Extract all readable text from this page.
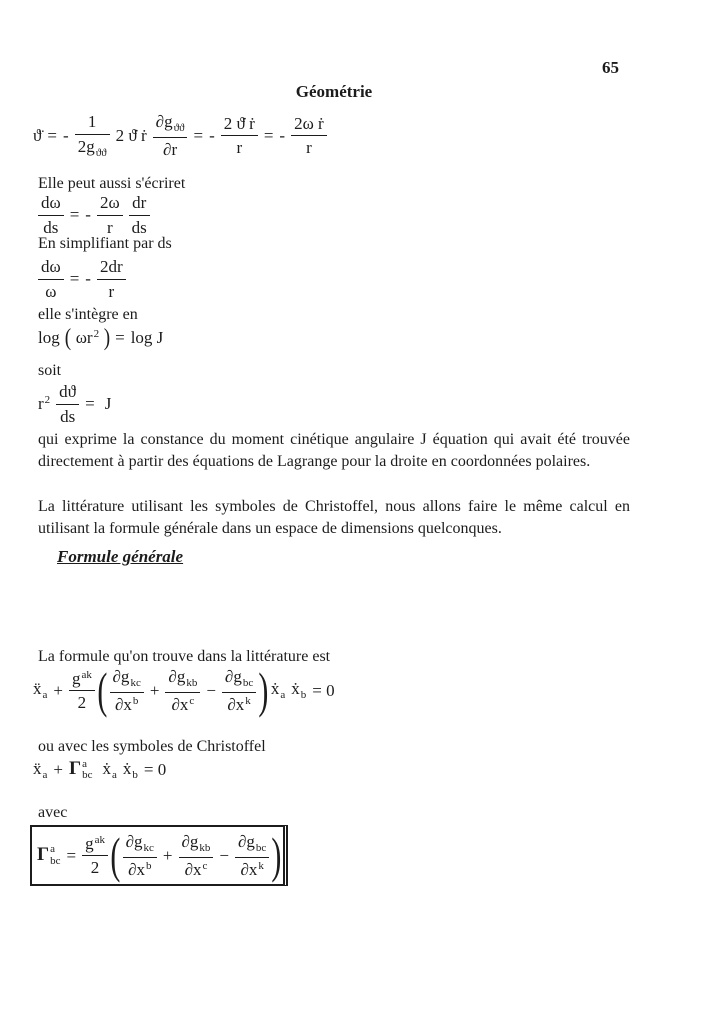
65
Géométrie
ϑ̈ = - $\frac{1}{2g_{ϑϑ}} 2$ ϑ̇ ṙ $\frac{\partial g_{ϑϑ}}{\partial r}$ = - $\frac{\text{2 ϑ̇ ṙ}}{r}$ = - $\frac{\text{2ω ṙ}}{r}$
Elle peut aussi s'écriret
$\frac{d\omega}{ds}$ = - $\frac{2\omega}{r} \frac{dr}{ds}$
En simplifiant par ds
$\frac{d\omega}{\omega}$ = - $\frac{2dr}{r}$
elle s'intègre en
log ( $\omega r^2$ ) = log J
soit
$r^2 \frac{dϑ}{ds} = J$
qui exprime la constance du moment cinétique angulaire J équation qui avait été trouvée directement à partir des équations de Lagrange pour la droite en coordonnées polaires.
La littérature utilisant les symboles de Christoffel, nous allons faire le même calcul en utilisant la formule générale dans un espace de dimensions quelconques.
Formule générale
La formule qu'on trouve dans la littérature est
ẍ$_a$ + $\frac{g^{ak}}{2}$ ( $\frac{\partial g_{kc}}{\partial x^b} + \frac{\partial g_{kb}}{\partial x^c} - \frac{\partial g_{bc}}{\partial x^k}$ ) ẋ$_a$ ẋ$_b$ = 0
ou avec les symboles de Christoffel
ẍ$_a$ + Γ a
bc ẋ$_a$ ẋ$_b$ = 0
avec
Γ a
bc = $\frac{g^{ak}}{2}$ ( $\frac{\partial g_{kc}}{\partial x^b} + \frac{\partial g_{kb}}{\partial x^c} - \frac{\partial g_{bc}}{\partial x^k}$ )
